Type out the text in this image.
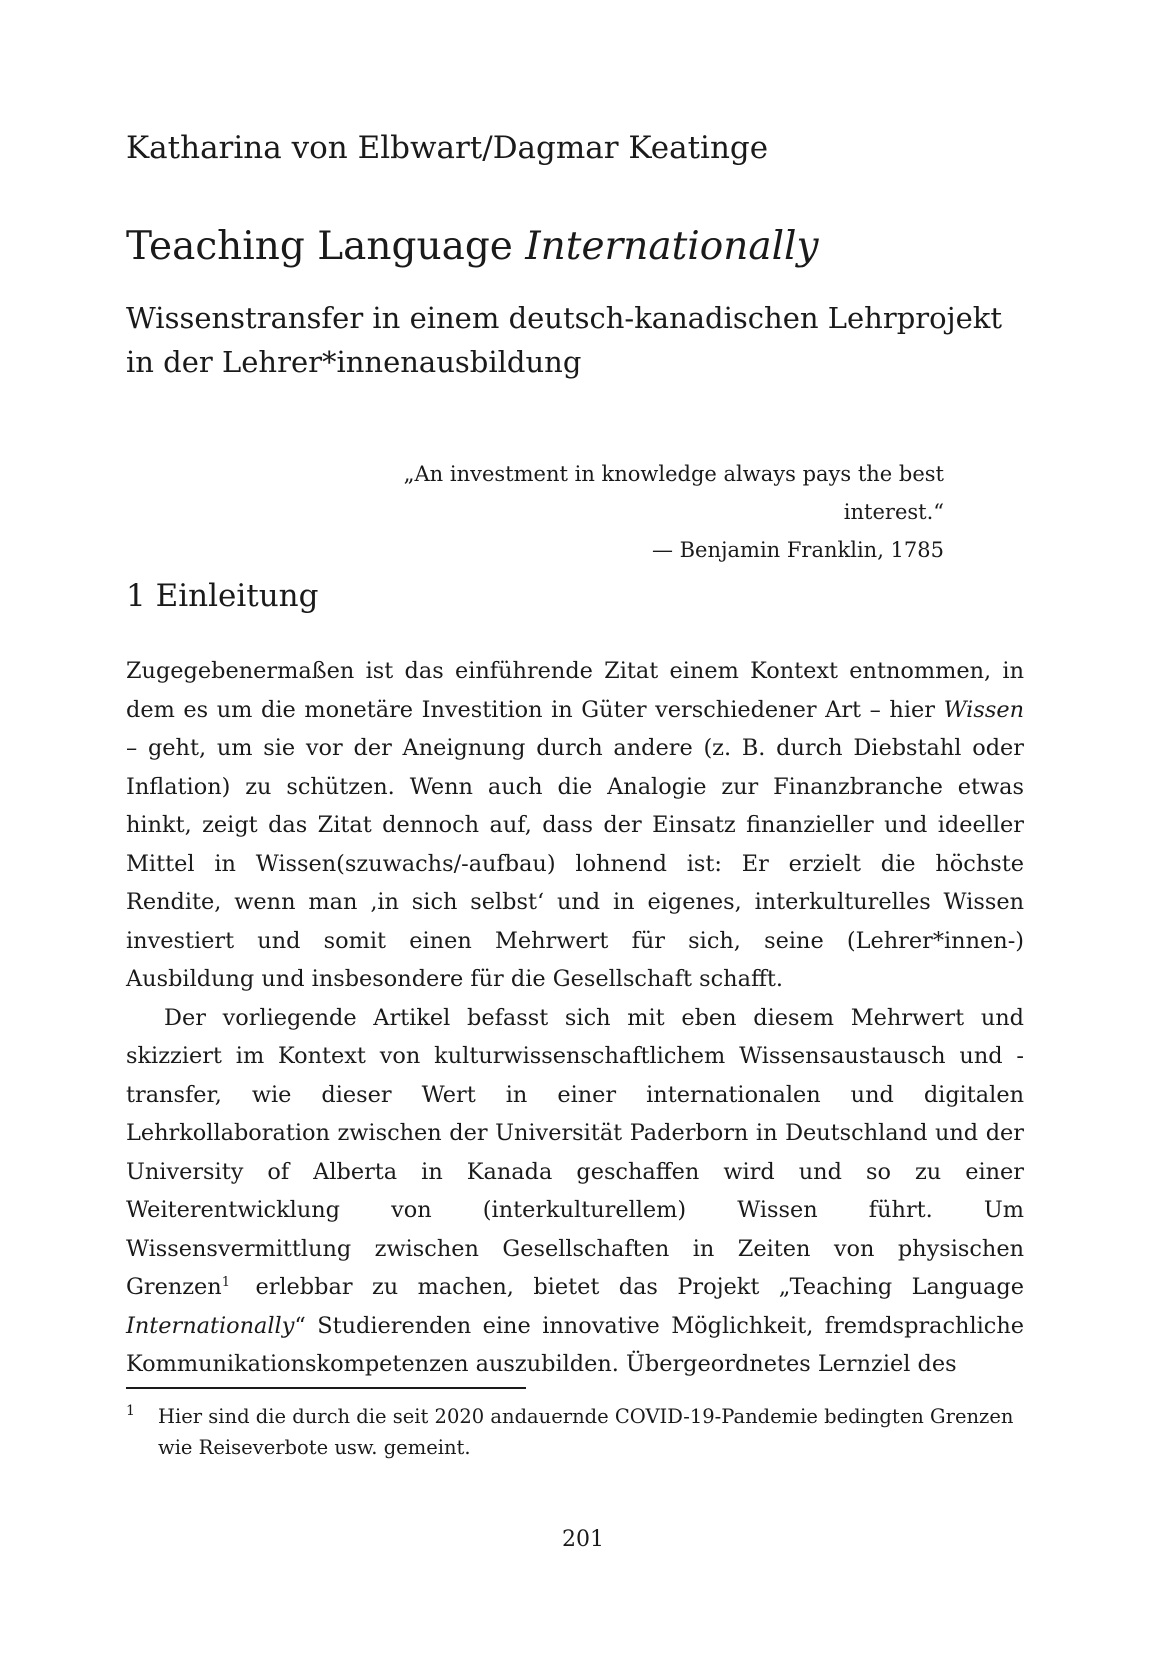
Katharina von Elbwart/Dagmar Keatinge
Teaching Language Internationally
Wissenstransfer in einem deutsch-kanadischen Lehrprojekt in der Lehrer*innenausbildung
„An investment in knowledge always pays the best interest.“
— Benjamin Franklin, 1785
1 Einleitung

Zugegebenermaßen ist das einführende Zitat einem Kontext entnommen, in dem es um die monetäre Investition in Güter verschiedener Art – hier Wissen – geht, um sie vor der Aneignung durch andere (z. B. durch Diebstahl oder Inflation) zu schützen. Wenn auch die Analogie zur Finanzbranche etwas hinkt, zeigt das Zitat dennoch auf, dass der Einsatz finanzieller und ideeller Mittel in Wissen(szuwachs/-aufbau) lohnend ist: Er erzielt die höchste Rendite, wenn man ‚in sich selbst‘ und in eigenes, interkulturelles Wissen investiert und somit einen Mehrwert für sich, seine (Lehrer*innen-) Ausbildung und insbesondere für die Gesellschaft schafft.

Der vorliegende Artikel befasst sich mit eben diesem Mehrwert und skizziert im Kontext von kulturwissenschaftlichem Wissensaustausch und -transfer, wie dieser Wert in einer internationalen und digitalen Lehrkollaboration zwischen der Universität Paderborn in Deutschland und der University of Alberta in Kanada geschaffen wird und so zu einer Weiterentwicklung von (interkulturellem) Wissen führt. Um Wissensvermittlung zwischen Gesellschaften in Zeiten von physischen Grenzen$^1$ erlebbar zu machen, bietet das Projekt „Teaching Language Internationally“ Studierenden eine innovative Möglichkeit, fremdsprachliche Kommunikationskompetenzen auszubilden. Übergeordnetes Lernziel des

1 Hier sind die durch die seit 2020 andauernde COVID-19-Pandemie bedingten Grenzen wie Reiseverbote usw. gemeint.
201
